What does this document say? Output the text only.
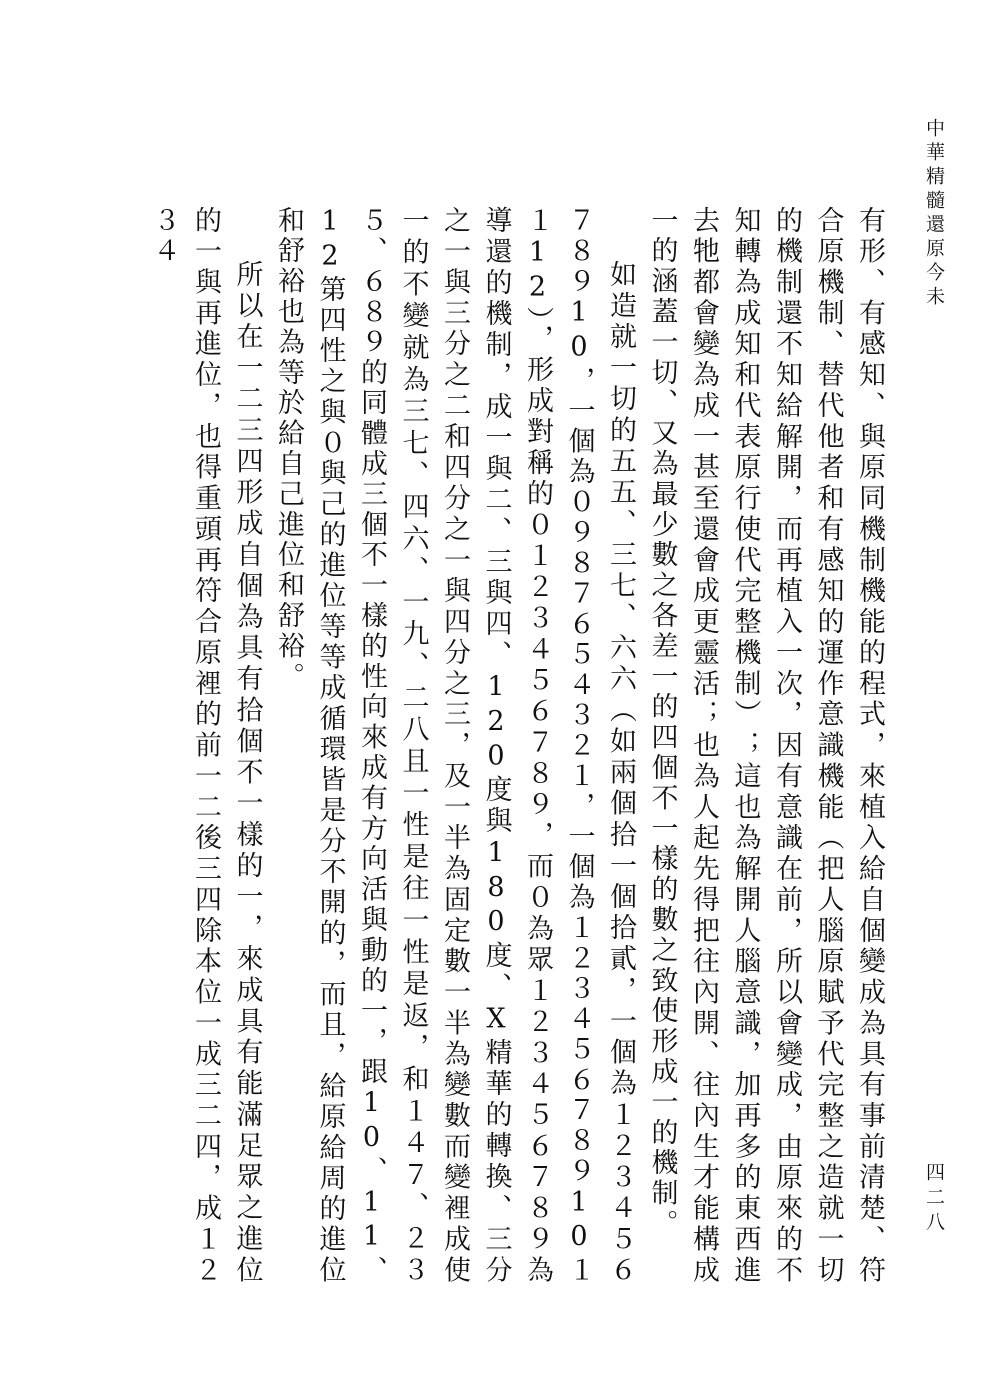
中華精髓還原今未

有形、有感知、與原同機制機能的程式，來植入給自個變成為具有事前清楚、符合原機制、替代他者和有感知的運作意識機能（把人腦原賦予代完整之造就一切的機制還不知給解開，而再植入一次，因有意識在前，所以會變成，由原來的不知轉為成知和代表原行使代完整機制）；這也為解開人腦意識，加再多的東西進去牠都會變為成一甚至還會成更靈活；也為人起先得把往內開、往內生才能構成一的涵蓋一切、又為最少數之各差一的四個不一樣的數之致使形成一的機制。

如造就一切的五五、三七、六六（如兩個拾一個拾貳，一個為１２３４５６７８９10，一個為０９８７６５４３２１，一個為１２３４５６７８９10１１12），形成對稱的０１２３４５６７８９，而０為眾１２３４５６７８９為導還的機制，成一與二、三與四、120度與180度、X精華的轉換、三分之一與三分之二和四分之一與四分之三，及一半為固定數一半為變數而變裡成使一的不變就為三七、四六、一九、二八且一性是往一性是返，和１４７、２３５、６８９的同體成三個不一樣的性向來成有方向活與動的一，跟10、11、12第四性之與０與己的進位等等成循環皆是分不開的，而且，給原給周的進位和舒裕也為等於給自己進位和舒裕。

所以在一二三四形成自個為具有拾個不一樣的一，來成具有能滿足眾之進位的一與再進位，也得重頭再符合原裡的前一二後三四除本位一成三二四，成１２３４

四二八
